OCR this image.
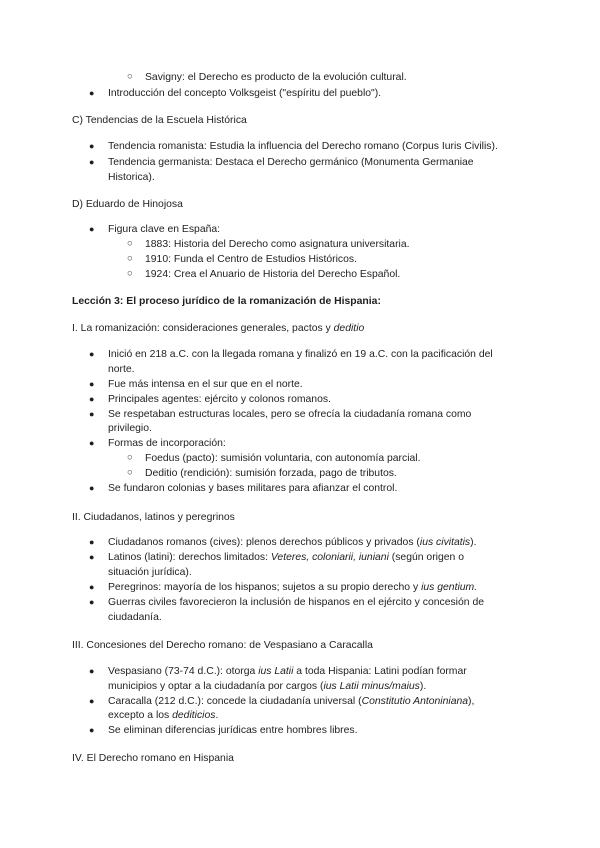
○ Savigny: el Derecho es producto de la evolución cultural.
● Introducción del concepto Volksgeist ("espíritu del pueblo").
C) Tendencias de la Escuela Histórica
● Tendencia romanista: Estudia la influencia del Derecho romano (Corpus Iuris Civilis).
● Tendencia germanista: Destaca el Derecho germánico (Monumenta Germaniae
Historica).
D) Eduardo de Hinojosa
● Figura clave en España:
○ 1883: Historia del Derecho como asignatura universitaria.
○ 1910: Funda el Centro de Estudios Históricos.
○ 1924: Crea el Anuario de Historia del Derecho Español.
Lección 3: El proceso jurídico de la romanización de Hispania:
I. La romanización: consideraciones generales, pactos y deditio
● Inició en 218 a.C. con la llegada romana y finalizó en 19 a.C. con la pacificación del
norte.
● Fue más intensa en el sur que en el norte.
● Principales agentes: ejército y colonos romanos.
● Se respetaban estructuras locales, pero se ofrecía la ciudadanía romana como
privilegio.
● Formas de incorporación:
○ Foedus (pacto): sumisión voluntaria, con autonomía parcial.
○ Deditio (rendición): sumisión forzada, pago de tributos.
● Se fundaron colonias y bases militares para afianzar el control.
II. Ciudadanos, latinos y peregrinos
● Ciudadanos romanos (cives): plenos derechos públicos y privados (ius civitatis).
● Latinos (latini): derechos limitados: Veteres, coloniarii, iuniani (según origen o
situación jurídica).
● Peregrinos: mayoría de los hispanos; sujetos a su propio derecho y ius gentium.
● Guerras civiles favorecieron la inclusión de hispanos en el ejército y concesión de
ciudadanía.
III. Concesiones del Derecho romano: de Vespasiano a Caracalla
● Vespasiano (73-74 d.C.): otorga ius Latii a toda Hispania: Latini podían formar
municipios y optar a la ciudadanía por cargos (ius Latii minus/maius).
● Caracalla (212 d.C.): concede la ciudadanía universal (Constitutio Antoniniana),
excepto a los dediticios.
● Se eliminan diferencias jurídicas entre hombres libres.
IV. El Derecho romano en Hispania
